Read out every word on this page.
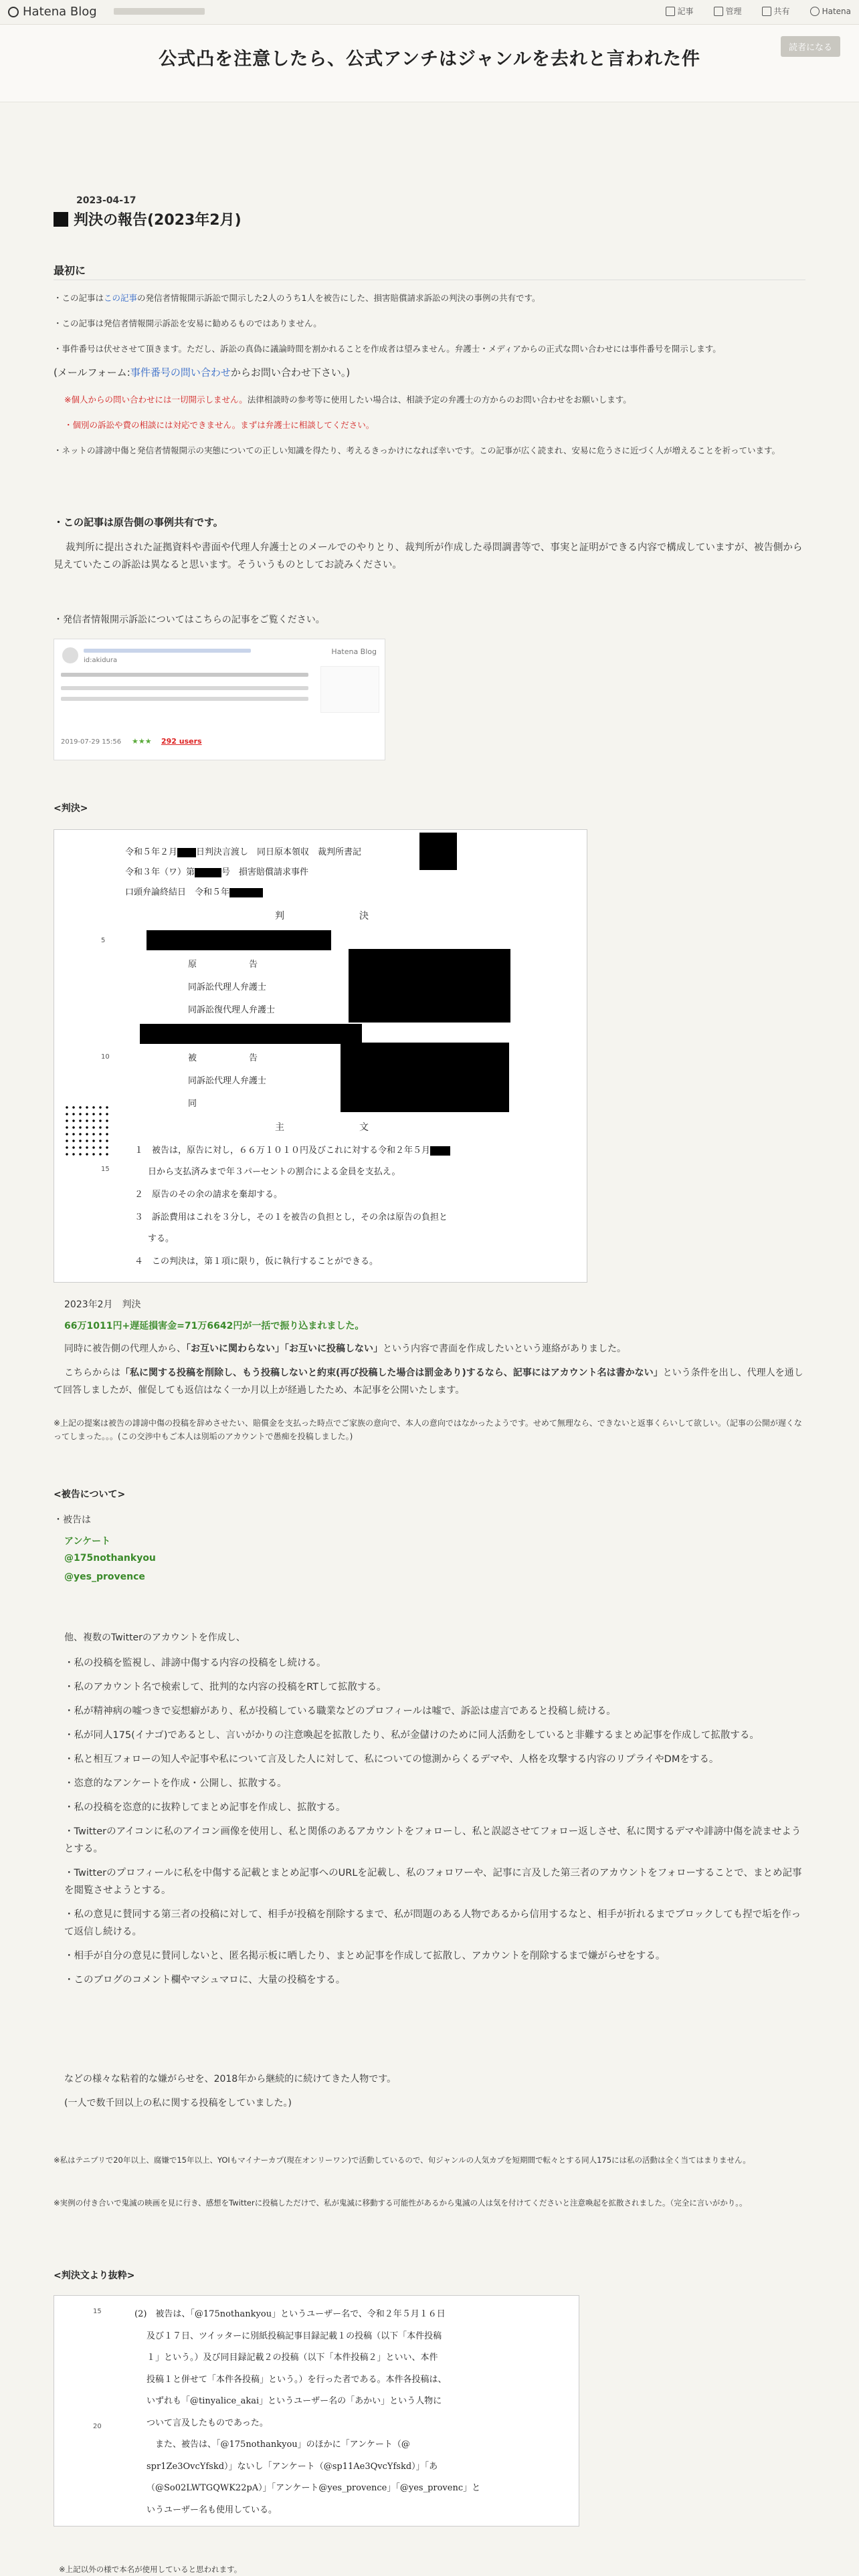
Hatena Blog	記事	管理	共有	Hatena
公式凸を注意したら、公式アンチはジャンルを去れと言われた件
読者になる
2023-04-17
判決の報告(2023年2月)
最初に
・この記事はこの記事の発信者情報開示訴訟で開示した2人のうち1人を被告にした、損害賠償請求訴訟の判決の事例の共有です。
・この記事は発信者情報開示訴訟を安易に勧めるものではありません。
・事件番号は伏せさせて頂きます。ただし、訴訟の真偽に議論時間を割かれることを作成者は望みません。弁護士・メディアからの正式な問い合わせには事件番号を開示します。
(メールフォーム:事件番号の問い合わせからお問い合わせ下さい。)
※個人からの問い合わせには一切開示しません。法律相談時の参考等に使用したい場合は、相談予定の弁護士の方からのお問い合わせをお願いします。
・個別の訴訟や費の相談には対応できません。まずは弁護士に相談してください。
・ネットの誹謗中傷と発信者情報開示の実態についての正しい知識を得たり、考えるきっかけになれば幸いです。この記事が広く読まれ、安易に危うさに近づく人が増えることを祈っています。
・この記事は原告側の事例共有です。
裁判所に提出された証拠資料や書面や代理人弁護士とのメールでのやりとり、裁判所が作成した尋問調書等で、事実と証明ができる内容で構成していますが、被告側から見えていたこの訴訟は異なると思います。そういうものとしてお読みください。
・発信者情報開示訴訟についてはこちらの記事をご覧ください。
id:akidura
Hatena Blog
2019-07-29 15:56 ★★★ 292 users
<判決>
令和５年２月 日判決言渡し　同日原本領収　裁判所書記
令和３年（ワ）第	号　損害賠償請求事件
口頭弁論終結日　令和５年
判　　　　　　　　決
5
原　　　　　　告
同訴訟代理人弁護士
同訴訟復代理人弁護士
10	被　　　　　　告
同訴訟代理人弁護士
同
主　　　　　　　　文
１　被告は，原告に対し，６６万１０１０円及びこれに対する令和２年５月
15	日から支払済みまで年３パーセントの割合による金員を支払え。
２　原告のその余の請求を棄却する。
３　訴訟費用はこれを３分し，その１を被告の負担とし，その余は原告の負担と
する。
４　この判決は，第１項に限り，仮に執行することができる。
2023年2月　判決
66万1011円+遅延損害金=71万6642円が一括で振り込まれました。
同時に被告側の代理人から、「お互いに関わらない」「お互いに投稿しない」という内容で書面を作成したいという連絡がありました。
こちらからは「私に関する投稿を削除し、もう投稿しないと約束(再び投稿した場合は罰金あり)するなら、記事にはアカウント名は書かない」という条件を出し、代理人を通して回答しましたが、催促しても返信はなく一か月以上が経過したため、本記事を公開いたします。
※上記の提案は被告の誹謗中傷の投稿を辞めさせたい、賠償金を支払った時点でご家族の意向で、本人の意向ではなかったようです。せめて無理なら、できないと返事くらいして欲しい。（記事の公開が遅くなってしまった。。。(この交渉中もご本人は別垢のアカウントで愚痴を投稿しました。)
<被告について>
・被告は
アンケート
@175nothankyou
@yes_provence
他、複数のTwitterのアカウントを作成し、
・私の投稿を監視し、誹謗中傷する内容の投稿をし続ける。
・私のアカウント名で検索して、批判的な内容の投稿をRTして拡散する。
・私が精神病の嘘つきで妄想癖があり、私が投稿している職業などのプロフィールは嘘で、訴訟は虚言であると投稿し続ける。
・私が同人175(イナゴ)であるとし、言いがかりの注意喚起を拡散したり、私が金儲けのために同人活動をしていると非難するまとめ記事を作成して拡散する。
・私と相互フォローの知人や記事や私について言及した人に対して、私についての憶測からくるデマや、人格を攻撃する内容のリプライやDMをする。
・恣意的なアンケートを作成・公開し、拡散する。
・私の投稿を恣意的に抜粋してまとめ記事を作成し、拡散する。
・Twitterのアイコンに私のアイコン画像を使用し、私と関係のあるアカウントをフォローし、私と誤認させてフォロー返しさせ、私に関するデマや誹謗中傷を読ませようとする。
・Twitterのプロフィールに私を中傷する記載とまとめ記事へのURLを記載し、私のフォロワーや、記事に言及した第三者のアカウントをフォローすることで、まとめ記事を閲覧させようとする。
・私の意見に賛同する第三者の投稿に対して、相手が投稿を削除するまで、私が問題のある人物であるから信用するなと、相手が折れるまでブロックしても捏で垢を作って返信し続ける。
・相手が自分の意見に賛同しないと、匿名掲示板に晒したり、まとめ記事を作成して拡散し、アカウントを削除するまで嫌がらせをする。
・このブログのコメント欄やマシュマロに、大量の投稿をする。
などの様々な粘着的な嫌がらせを、2018年から継続的に続けてきた人物です。
(一人で数千回以上の私に関する投稿をしていました。)
※私はテニプリで20年以上、腐嫌で15年以上、YOIもマイナーカプ(現在オンリーワン)で活動しているので、旬ジャンルの人気カプを短期間で転々とする同人175には私の活動は全く当てはまりません。
※実例の付き合いで鬼滅の映画を見に行き、感想をTwitterに投稿しただけで、私が鬼滅に移動する可能性があるから鬼滅の人は気を付けてくださいと注意喚起を拡散されました。（完全に言いがかり。。
<判決文より抜粋>
15
20
(2)　被告は、「@175nothankyou」というユーザー名で、令和２年５月１６日
及び１７日、ツイッターに別紙投稿記事目録記載１の投稿（以下「本件投稿
１」という。）及び同目録記載２の投稿（以下「本件投稿２」といい、本件
投稿１と併せて「本件各投稿」という。）を行った者である。本件各投稿は、
いずれも「@tinyalice_akai」というユーザー名の「あかい」という人物に
ついて言及したものであった。
　また、被告は、「@175nothankyou」のほかに「アンケート（@
spr1Ze3OvcYfskd）」ないし「アンケート（@sp11Ae3QvcYfskd）」「あ
（@So02LWTGQWK22pA）」「アンケート@yes_provence」「@yes_provenc」と
いうユーザー名も使用している。
※上記以外の様で本名が使用していると思われます。
